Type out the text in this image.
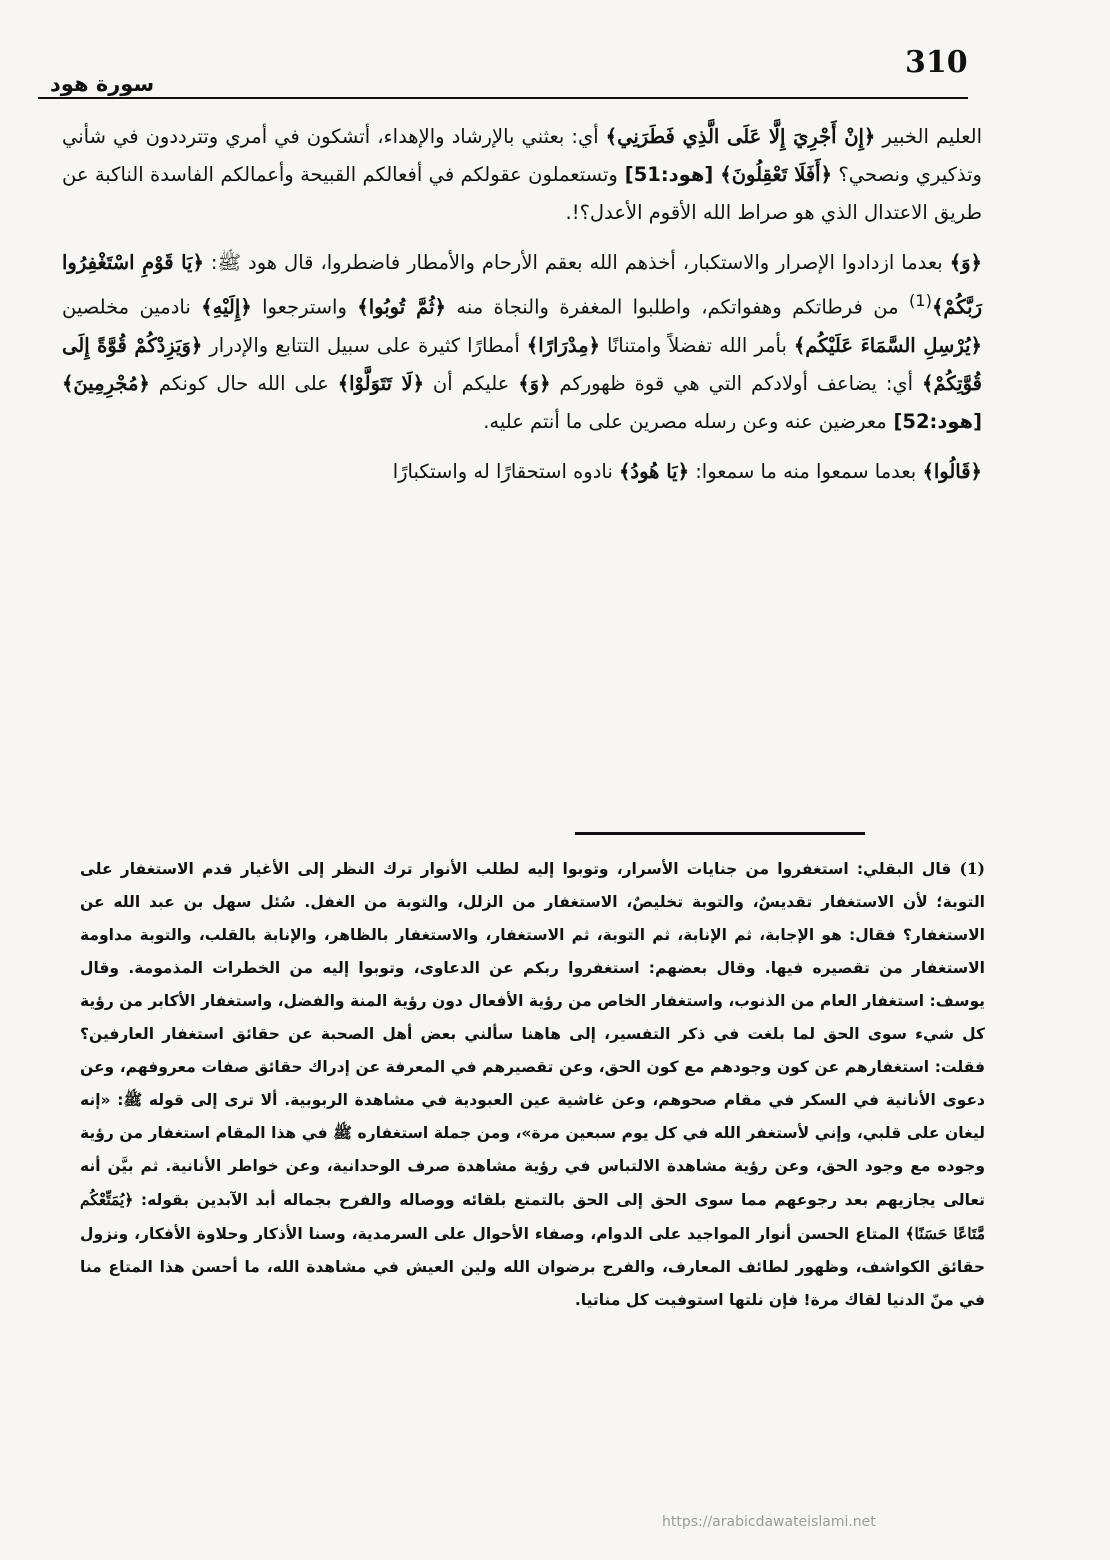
310
سورة هود

العليم الخبير ﴿إِنْ أَجْرِيَ إِلَّا عَلَى الَّذِي فَطَرَنِي﴾ أي: بعثني بالإرشاد والإهداء، أتشكون في أمري وتترددون في شأني وتذكيري ونصحي؟ ﴿أَفَلَا تَعْقِلُونَ﴾ [هود:51] وتستعملون عقولكم في أفعالكم القبيحة وأعمالكم الفاسدة الناكبة عن طريق الاعتدال الذي هو صراط الله الأقوم الأعدل؟!.

﴿وَ﴾ بعدما ازدادوا الإصرار والاستكبار، أخذهم الله بعقم الأرحام والأمطار فاضطروا، قال هود ﷺ: ﴿يَا قَوْمِ اسْتَغْفِرُوا رَبَّكُمْ﴾$^{(1)}$ من فرطاتكم وهفواتكم، واطلبوا المغفرة والنجاة منه ﴿ثُمَّ تُوبُوا﴾ واسترجعوا ﴿إِلَيْهِ﴾ نادمين مخلصين ﴿يُرْسِلِ السَّمَاءَ عَلَيْكُم﴾ بأمر الله تفضلاً وامتنانًا ﴿مِدْرَارًا﴾ أمطارًا كثيرة على سبيل التتابع والإدرار ﴿وَيَزِدْكُمْ قُوَّةً إِلَى قُوَّتِكُمْ﴾ أي: يضاعف أولادكم التي هي قوة ظهوركم ﴿وَ﴾ عليكم أن ﴿لَا تَتَوَلَّوْا﴾ على الله حال كونكم ﴿مُجْرِمِينَ﴾ [هود:52] معرضين عنه وعن رسله مصرين على ما أنتم عليه.

﴿قَالُوا﴾ بعدما سمعوا منه ما سمعوا: ﴿يَا هُودُ﴾ نادوه استحقارًا له واستكبارًا

(1) قال البقلي: استغفروا من جنايات الأسرار، وتوبوا إليه لطلب الأنوار ترك النظر إلى الأغيار قدم الاستغفار على التوبة؛ لأن الاستغفار تقديسٌ، والتوبة تخليصٌ، الاستغفار من الزلل، والتوبة من الغفل. سُئل سهل بن عبد الله عن الاستغفار؟ فقال: هو الإجابة، ثم الإنابة، ثم التوبة، ثم الاستغفار، والاستغفار بالظاهر، والإنابة بالقلب، والتوبة مداومة الاستغفار من تقصيره فيها. وقال بعضهم: استغفروا ربكم عن الدعاوى، وتوبوا إليه من الخطرات المذمومة. وقال يوسف: استغفار العام من الذنوب، واستغفار الخاص من رؤية الأفعال دون رؤية المنة والفضل، واستغفار الأكابر من رؤية كل شيء سوى الحق لما بلغت في ذكر التفسير، إلى هاهنا سألني بعض أهل الصحبة عن حقائق استغفار العارفين؟ فقلت: استغفارهم عن كون وجودهم مع كون الحق، وعن تقصيرهم في المعرفة عن إدراك حقائق صفات معروفهم، وعن دعوى الأنانية في السكر في مقام صحوهم، وعن غاشية عين العبودية في مشاهدة الربوبية. ألا ترى إلى قوله ﷺ: «إنه ليغان على قلبي، وإني لأستغفر الله في كل يوم سبعين مرة»، ومن جملة استغفاره ﷺ في هذا المقام استغفار من رؤية وجوده مع وجود الحق، وعن رؤية مشاهدة الالتباس في رؤية مشاهدة صرف الوحدانية، وعن خواطر الأنانية. ثم بيَّن أنه تعالى يجازيهم بعد رجوعهم مما سوى الحق إلى الحق بالتمتع بلقائه ووصاله والفرح بجماله أبد الآبدين بقوله: ﴿يُمَتِّعْكُم مَّتَاعًا حَسَنًا﴾ المتاع الحسن أنوار المواجيد على الدوام، وصفاء الأحوال على السرمدية، وسنا الأذكار وحلاوة الأفكار، ونزول حقائق الكواشف، وظهور لطائف المعارف، والفرح برضوان الله ولين العيش في مشاهدة الله، ما أحسن هذا المتاع منا في منّ الدنيا لقاك مرة! فإن نلتها استوفيت كل مناتيا.
https://arabicdawateislami.net
